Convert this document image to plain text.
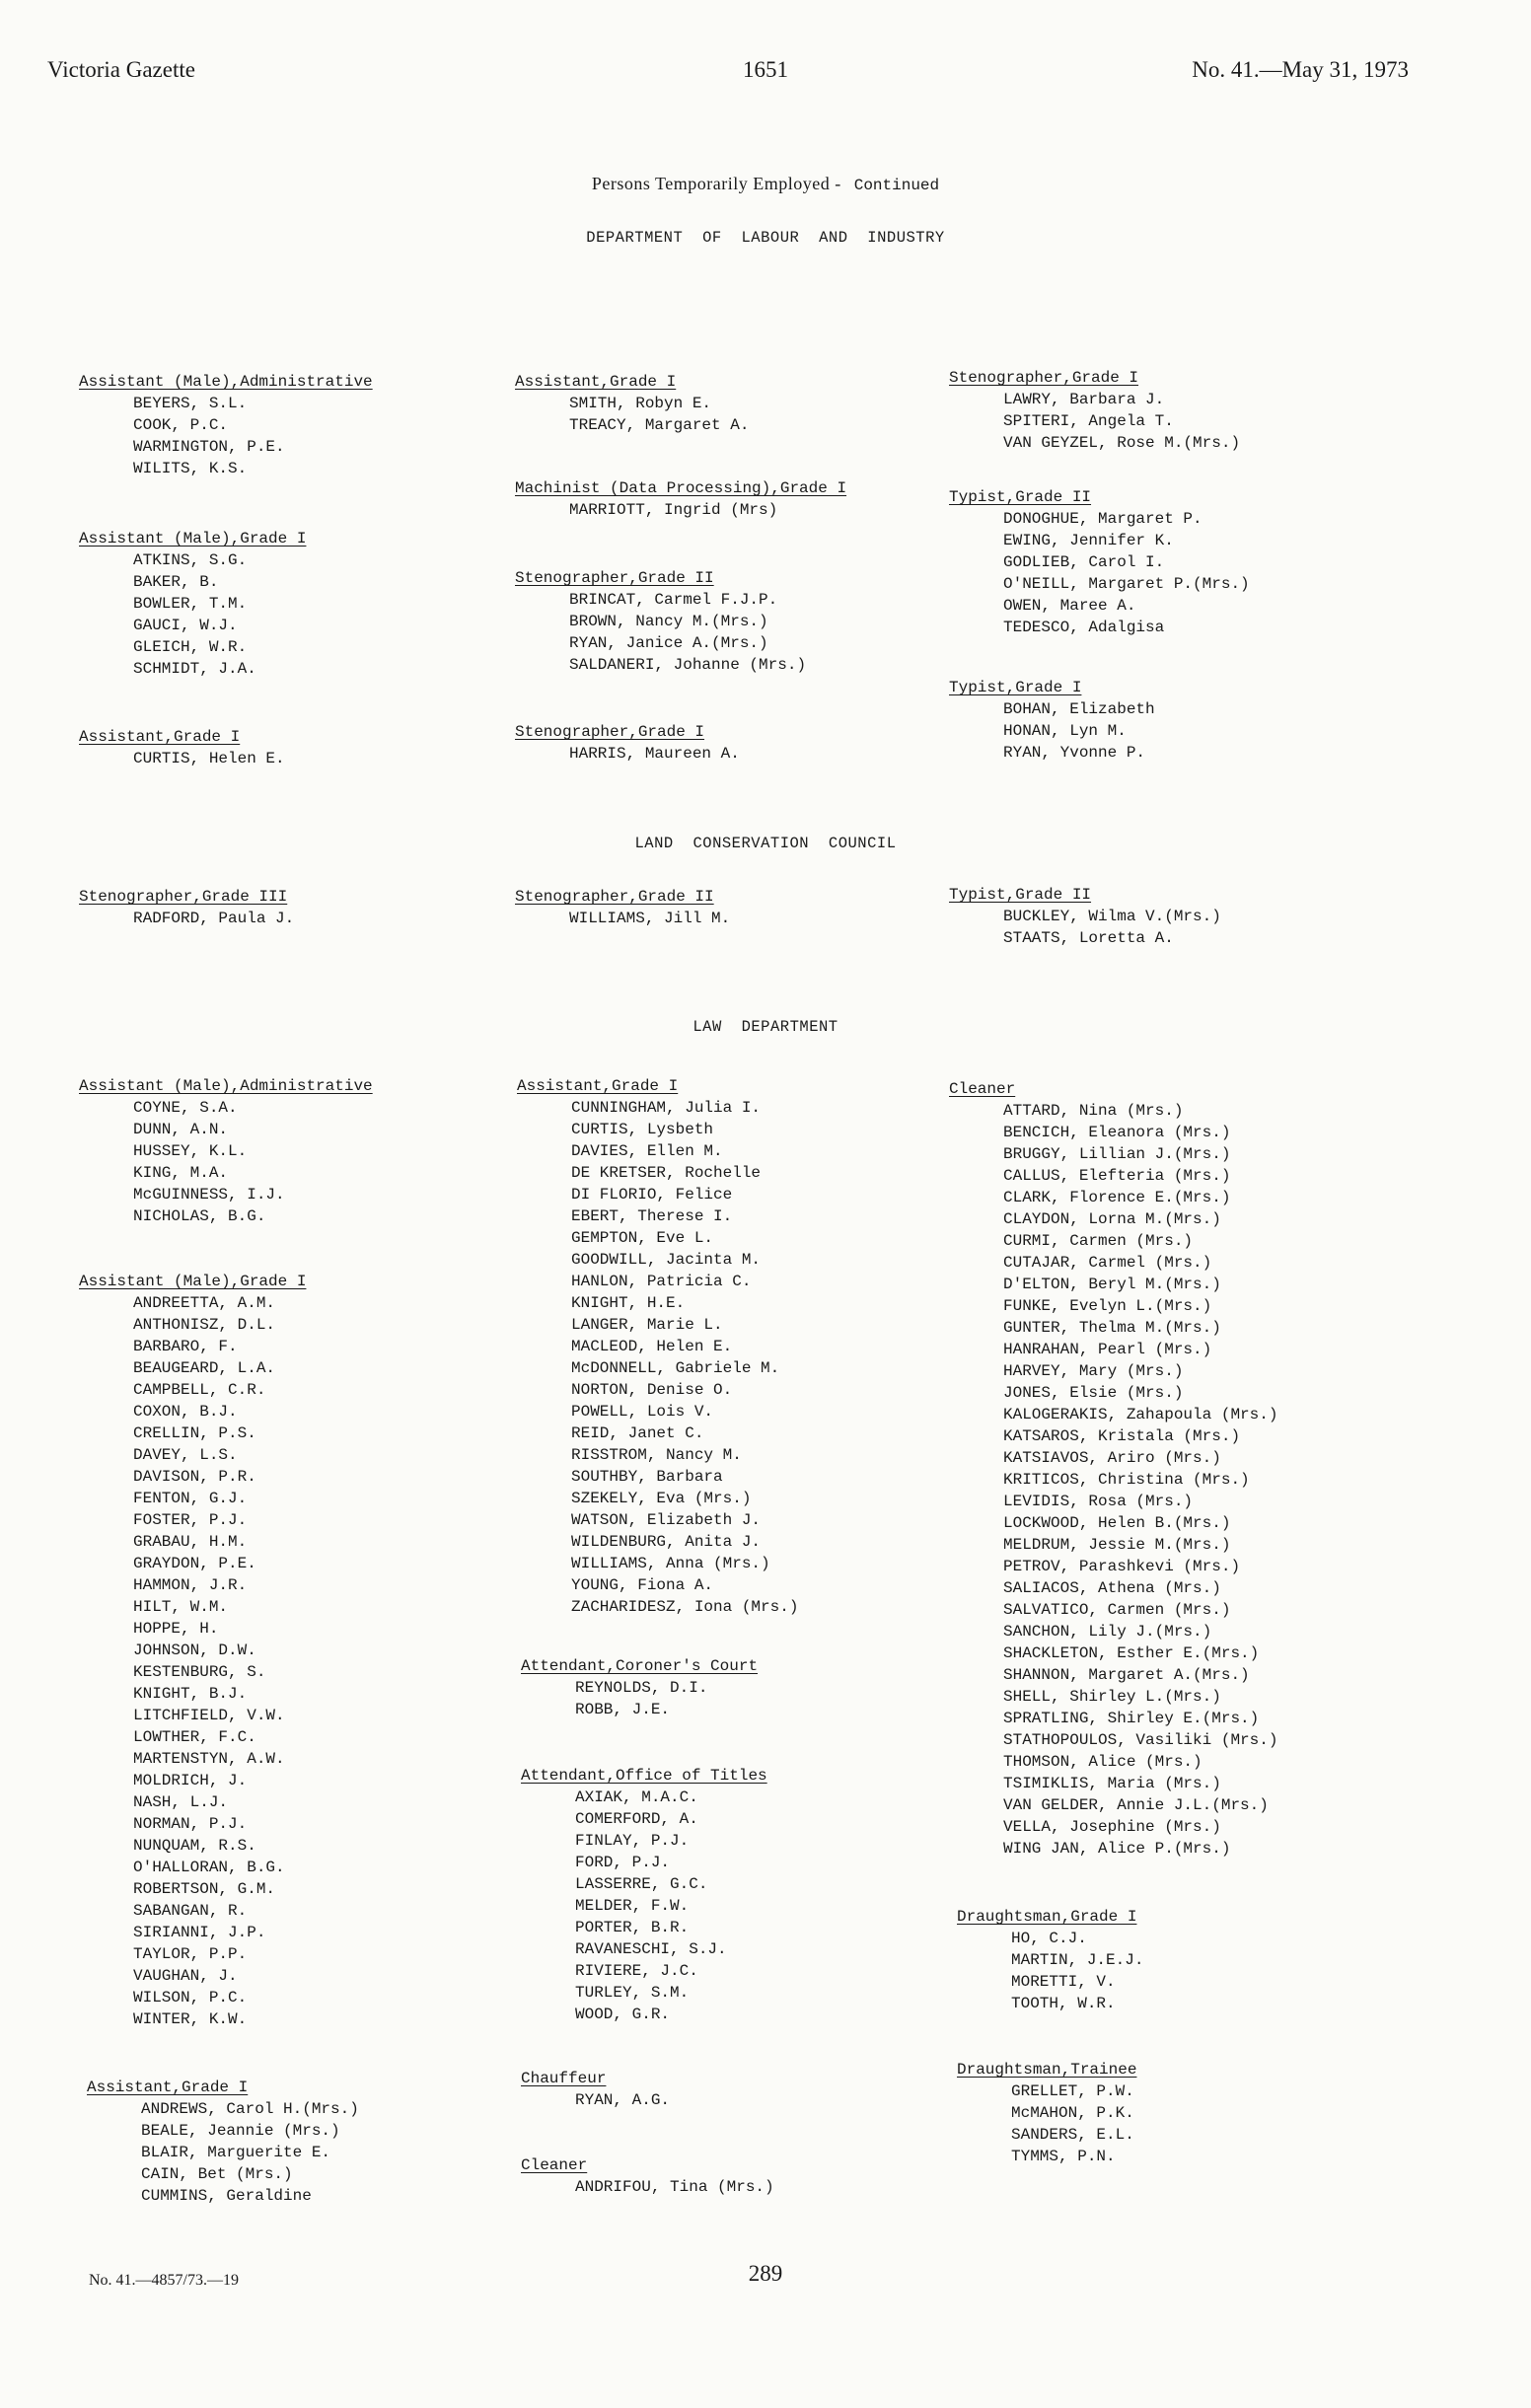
Victoria Gazette	1651	No. 41.—May 31, 1973
Persons Temporarily Employed - Continued
DEPARTMENT OF LABOUR AND INDUSTRY
LAND CONSERVATION COUNCIL
LAW DEPARTMENT
Assistant (Male),Administrative
BEYERS, S.L.
COOK, P.C.
WARMINGTON, P.E.
WILITS, K.S.
Assistant (Male),Grade I
ATKINS, S.G.
BAKER, B.
BOWLER, T.M.
GAUCI, W.J.
GLEICH, W.R.
SCHMIDT, J.A.
Assistant,Grade I
CURTIS, Helen E.
Assistant,Grade I
SMITH, Robyn E.
TREACY, Margaret A.
Machinist (Data Processing),Grade I
MARRIOTT, Ingrid (Mrs)
Stenographer,Grade II
BRINCAT, Carmel F.J.P.
BROWN, Nancy M.(Mrs.)
RYAN, Janice A.(Mrs.)
SALDANERI, Johanne (Mrs.)
Stenographer,Grade I
HARRIS, Maureen A.
Stenographer,Grade I
LAWRY, Barbara J.
SPITERI, Angela T.
VAN GEYZEL, Rose M.(Mrs.)
Typist,Grade II
DONOGHUE, Margaret P.
EWING, Jennifer K.
GODLIEB, Carol I.
O'NEILL, Margaret P.(Mrs.)
OWEN, Maree A.
TEDESCO, Adalgisa
Typist,Grade I
BOHAN, Elizabeth
HONAN, Lyn M.
RYAN, Yvonne P.
Stenographer,Grade III
RADFORD, Paula J.
Stenographer,Grade II
WILLIAMS, Jill M.
Typist,Grade II
BUCKLEY, Wilma V.(Mrs.)
STAATS, Loretta A.
Assistant (Male),Administrative
COYNE, S.A.
DUNN, A.N.
HUSSEY, K.L.
KING, M.A.
McGUINNESS, I.J.
NICHOLAS, B.G.
Assistant (Male),Grade I
ANDREETTA, A.M.
ANTHONISZ, D.L.
BARBARO, F.
BEAUGEARD, L.A.
CAMPBELL, C.R.
COXON, B.J.
CRELLIN, P.S.
DAVEY, L.S.
DAVISON, P.R.
FENTON, G.J.
FOSTER, P.J.
GRABAU, H.M.
GRAYDON, P.E.
HAMMON, J.R.
HILT, W.M.
HOPPE, H.
JOHNSON, D.W.
KESTENBURG, S.
KNIGHT, B.J.
LITCHFIELD, V.W.
LOWTHER, F.C.
MARTENSTYN, A.W.
MOLDRICH, J.
NASH, L.J.
NORMAN, P.J.
NUNQUAM, R.S.
O'HALLORAN, B.G.
ROBERTSON, G.M.
SABANGAN, R.
SIRIANNI, J.P.
TAYLOR, P.P.
VAUGHAN, J.
WILSON, P.C.
WINTER, K.W.
Assistant,Grade I
ANDREWS, Carol H.(Mrs.)
BEALE, Jeannie (Mrs.)
BLAIR, Marguerite E.
CAIN, Bet (Mrs.)
CUMMINS, Geraldine
Assistant,Grade I
CUNNINGHAM, Julia I.
CURTIS, Lysbeth
DAVIES, Ellen M.
DE KRETSER, Rochelle
DI FLORIO, Felice
EBERT, Therese I.
GEMPTON, Eve L.
GOODWILL, Jacinta M.
HANLON, Patricia C.
KNIGHT, H.E.
LANGER, Marie L.
MACLEOD, Helen E.
McDONNELL, Gabriele M.
NORTON, Denise O.
POWELL, Lois V.
REID, Janet C.
RISSTROM, Nancy M.
SOUTHBY, Barbara
SZEKELY, Eva (Mrs.)
WATSON, Elizabeth J.
WILDENBURG, Anita J.
WILLIAMS, Anna (Mrs.)
YOUNG, Fiona A.
ZACHARIDESZ, Iona (Mrs.)
Attendant,Coroner's Court
REYNOLDS, D.I.
ROBB, J.E.
Attendant,Office of Titles
AXIAK, M.A.C.
COMERFORD, A.
FINLAY, P.J.
FORD, P.J.
LASSERRE, G.C.
MELDER, F.W.
PORTER, B.R.
RAVANESCHI, S.J.
RIVIERE, J.C.
TURLEY, S.M.
WOOD, G.R.
Chauffeur
RYAN, A.G.
Cleaner
ANDRIFOU, Tina (Mrs.)
Cleaner
ATTARD, Nina (Mrs.)
BENCICH, Eleanora (Mrs.)
BRUGGY, Lillian J.(Mrs.)
CALLUS, Elefteria (Mrs.)
CLARK, Florence E.(Mrs.)
CLAYDON, Lorna M.(Mrs.)
CURMI, Carmen (Mrs.)
CUTAJAR, Carmel (Mrs.)
D'ELTON, Beryl M.(Mrs.)
FUNKE, Evelyn L.(Mrs.)
GUNTER, Thelma M.(Mrs.)
HANRAHAN, Pearl (Mrs.)
HARVEY, Mary (Mrs.)
JONES, Elsie (Mrs.)
KALOGERAKIS, Zahapoula (Mrs.)
KATSAROS, Kristala (Mrs.)
KATSIAVOS, Ariro (Mrs.)
KRITICOS, Christina (Mrs.)
LEVIDIS, Rosa (Mrs.)
LOCKWOOD, Helen B.(Mrs.)
MELDRUM, Jessie M.(Mrs.)
PETROV, Parashkevi (Mrs.)
SALIACOS, Athena (Mrs.)
SALVATICO, Carmen (Mrs.)
SANCHON, Lily J.(Mrs.)
SHACKLETON, Esther E.(Mrs.)
SHANNON, Margaret A.(Mrs.)
SHELL, Shirley L.(Mrs.)
SPRATLING, Shirley E.(Mrs.)
STATHOPOULOS, Vasiliki (Mrs.)
THOMSON, Alice (Mrs.)
TSIMIKLIS, Maria (Mrs.)
VAN GELDER, Annie J.L.(Mrs.)
VELLA, Josephine (Mrs.)
WING JAN, Alice P.(Mrs.)
Draughtsman,Grade I
HO, C.J.
MARTIN, J.E.J.
MORETTI, V.
TOOTH, W.R.
Draughtsman,Trainee
GRELLET, P.W.
McMAHON, P.K.
SANDERS, E.L.
TYMMS, P.N.
No. 41.—4857/73.—19	289
